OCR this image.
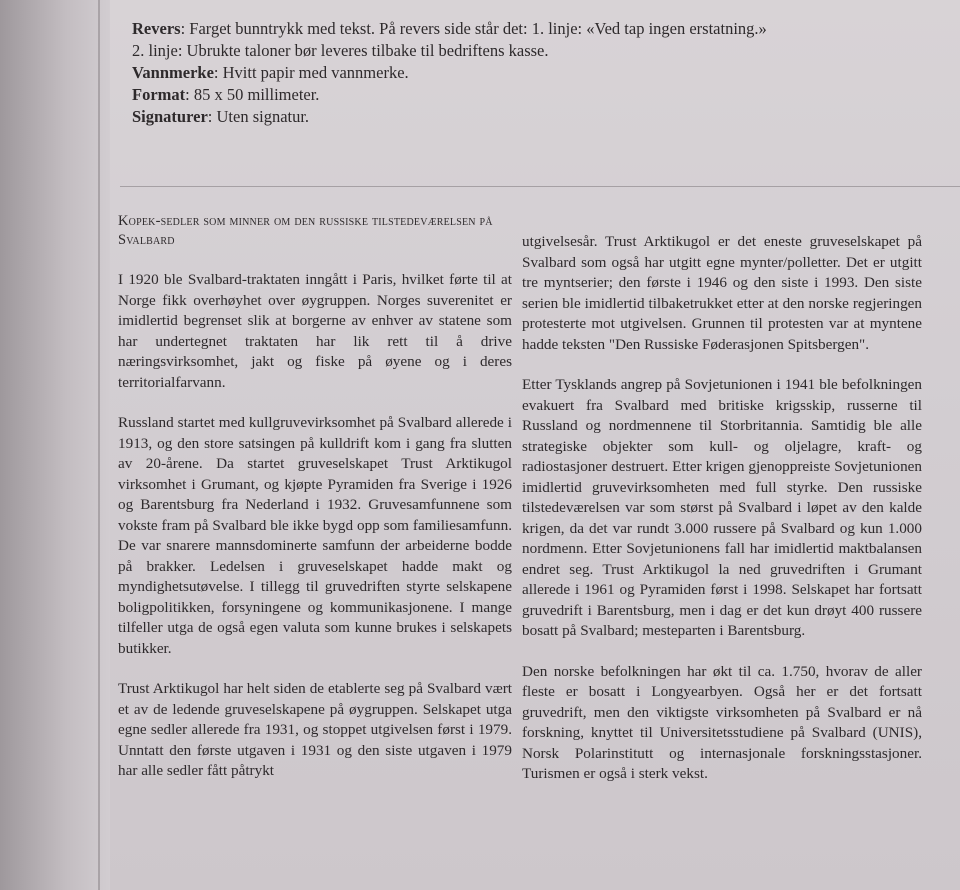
Revers: Farget bunntrykk med tekst. På revers side står det: 1. linje: «Ved tap ingen erstatning.»

2. linje: Ubrukte taloner bør leveres tilbake til bedriftens kasse.

Vannmerke: Hvitt papir med vannmerke.

Format: 85 x 50 millimeter.

Signaturer: Uten signatur.

Kopek-sedler som minner om den russiske tilstedeværelsen på Svalbard

I 1920 ble Svalbard-traktaten inngått i Paris, hvilket førte til at Norge fikk overhøyhet over øygruppen. Norges suverenitet er imidlertid begrenset slik at borgerne av enhver av statene som har undertegnet traktaten har lik rett til å drive næringsvirksomhet, jakt og fiske på øyene og i deres territorialfarvann.

Russland startet med kullgruvevirksomhet på Svalbard allerede i 1913, og den store satsingen på kulldrift kom i gang fra slutten av 20-årene. Da startet gruveselskapet Trust Arktikugol virksomhet i Grumant, og kjøpte Pyramiden fra Sverige i 1926 og Barentsburg fra Nederland i 1932. Gruvesamfunnene som vokste fram på Svalbard ble ikke bygd opp som familiesamfunn. De var snarere mannsdominerte samfunn der arbeiderne bodde på brakker. Ledelsen i gruveselskapet hadde makt og myndighetsutøvelse. I tillegg til gruvedriften styrte selskapene boligpolitikken, forsyningene og kommunikasjonene. I mange tilfeller utga de også egen valuta som kunne brukes i selskapets butikker.

Trust Arktikugol har helt siden de etablerte seg på Svalbard vært et av de ledende gruveselskapene på øygruppen. Selskapet utga egne sedler allerede fra 1931, og stoppet utgivelsen først i 1979. Unntatt den første utgaven i 1931 og den siste utgaven i 1979 har alle sedler fått påtrykt

utgivelsesår. Trust Arktikugol er det eneste gruveselskapet på Svalbard som også har utgitt egne mynter/polletter. Det er utgitt tre myntserier; den første i 1946 og den siste i 1993. Den siste serien ble imidlertid tilbaketrukket etter at den norske regjeringen protesterte mot utgivelsen. Grunnen til protesten var at myntene hadde teksten "Den Russiske Føderasjonen Spitsbergen".

Etter Tysklands angrep på Sovjetunionen i 1941 ble befolkningen evakuert fra Svalbard med britiske krigsskip, russerne til Russland og nordmennene til Storbritannia. Samtidig ble alle strategiske objekter som kull- og oljelagre, kraft- og radiostasjoner destruert. Etter krigen gjenoppreiste Sovjetunionen imidlertid gruvevirksomheten med full styrke. Den russiske tilstedeværelsen var som størst på Svalbard i løpet av den kalde krigen, da det var rundt 3.000 russere på Svalbard og kun 1.000 nordmenn. Etter Sovjetunionens fall har imidlertid maktbalansen endret seg. Trust Arktikugol la ned gruvedriften i Grumant allerede i 1961 og Pyramiden først i 1998. Selskapet har fortsatt gruvedrift i Barentsburg, men i dag er det kun drøyt 400 russere bosatt på Svalbard; mesteparten i Barentsburg.

Den norske befolkningen har økt til ca. 1.750, hvorav de aller fleste er bosatt i Longyearbyen. Også her er det fortsatt gruvedrift, men den viktigste virksomheten på Svalbard er nå forskning, knyttet til Universitetsstudiene på Svalbard (UNIS), Norsk Polarinstitutt og internasjonale forskningsstasjoner. Turismen er også i sterk vekst.
